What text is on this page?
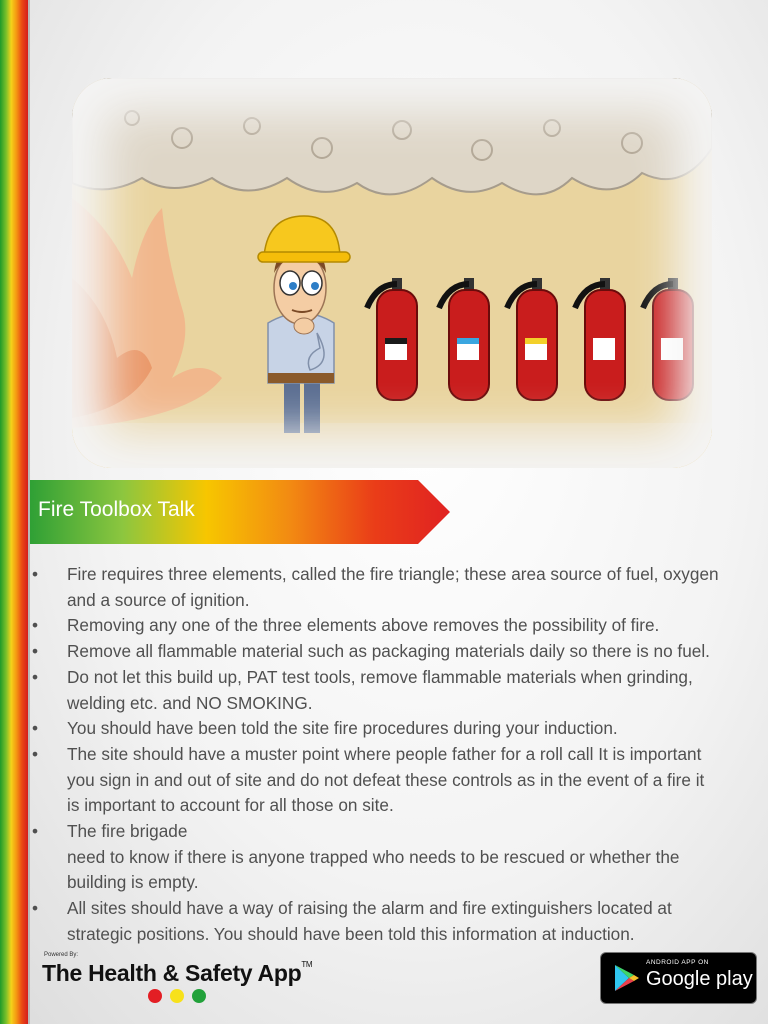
Fire Toolbox Talk
• Fire requires three elements, called the fire triangle; these area source of fuel, oxygen
and a source of ignition.
• Removing any one of the three elements above removes the possibility of fire.
• Remove all flammable material such as packaging materials daily so there is no fuel.
• Do not let this build up, PAT test tools, remove flammable materials when grinding,
welding etc. and NO SMOKING.
• You should have been told the site fire procedures during your induction.
• The site should have a muster point where people father for a roll call It is important
you sign in and out of site and do not defeat these controls as in the event of a fire it
is important to account for all those on site.
• The fire brigade
need to know if there is anyone trapped who needs to be rescued or whether the
building is empty.
• All sites should have a way of raising the alarm and fire extinguishers located at
strategic positions. You should have been told this information at induction.
Powered By:
The Health & Safety App™	ANDROID APP ON
Google play
